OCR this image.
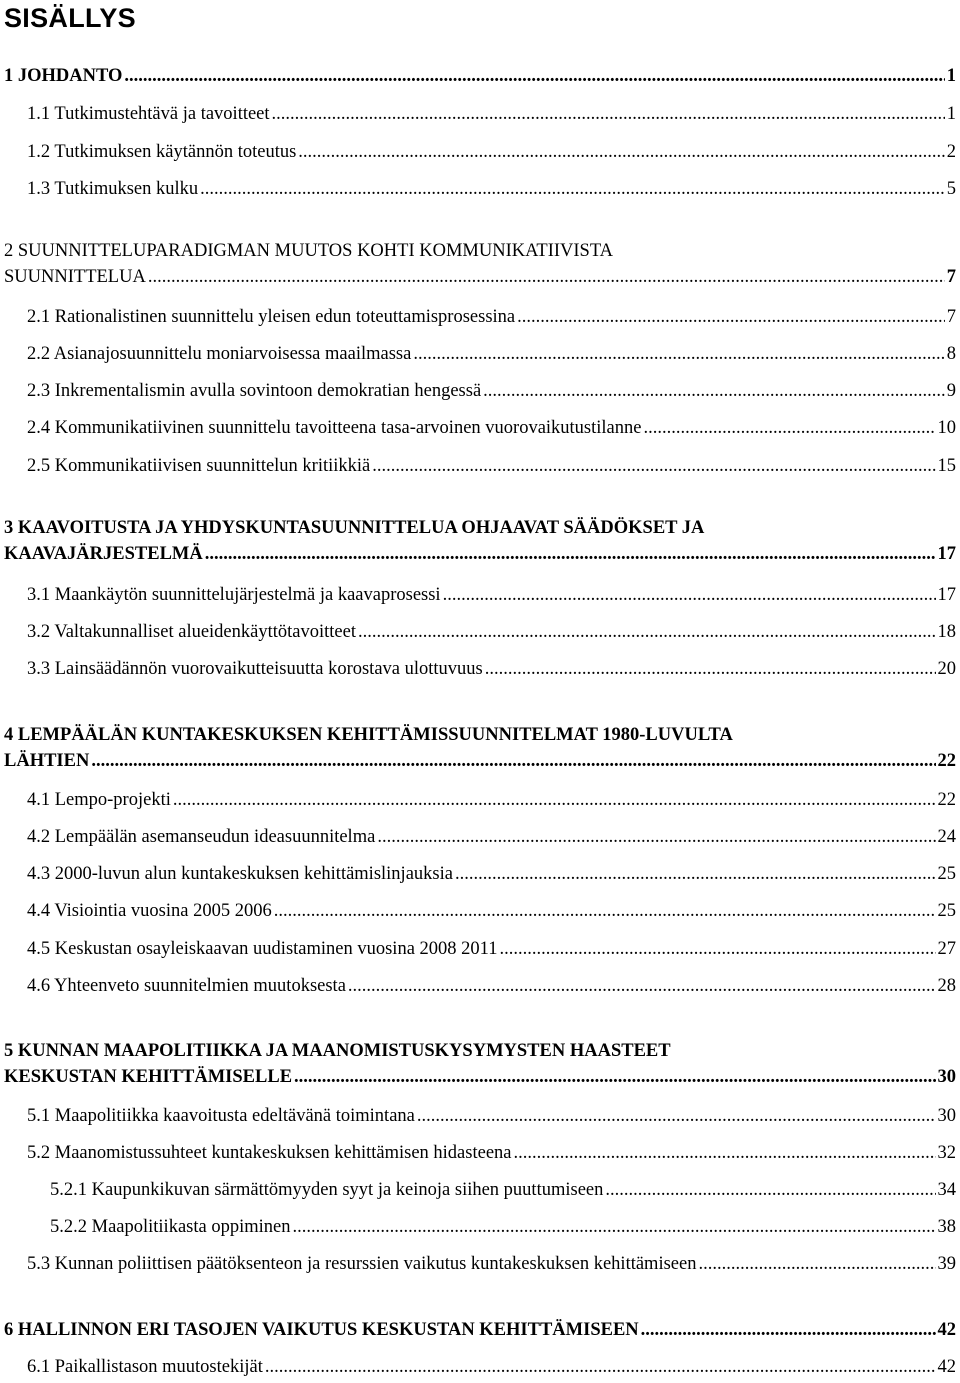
SISÄLLYS
1 JOHDANTO .....	1
1.1 Tutkimustehtävä ja tavoitteet .....	1
1.2 Tutkimuksen käytännön toteutus .....	2
1.3 Tutkimuksen kulku .....	5
2 SUUNNITTELUPARADIGMAN MUUTOS KOHTI KOMMUNIKATIIVISTA
SUUNNITTELUA .....	7
2.1 Rationalistinen suunnittelu yleisen edun toteuttamisprosessina .....	7
2.2 Asianajosuunnittelu moniarvoisessa maailmassa .....	8
2.3 Inkrementalismin avulla sovintoon demokratian hengessä .....	9
2.4 Kommunikatiivinen suunnittelu tavoitteena tasa-arvoinen vuorovaikutustilanne .....	10
2.5 Kommunikatiivisen suunnittelun kritiikkiä .....	15
3 KAAVOITUSTA JA YHDYSKUNTASUUNNITTELUA OHJAAVAT SÄÄDÖKSET JA
KAAVAJÄRJESTELMÄ .....	17
3.1 Maankäytön suunnittelujärjestelmä ja kaavaprosessi .....	17
3.2 Valtakunnalliset alueidenkäyttötavoitteet .....	18
3.3 Lainsäädännön vuorovaikutteisuutta korostava ulottuvuus .....	20
4 LEMPÄÄLÄN KUNTAKESKUKSEN KEHITTÄMISSUUNNITELMAT 1980-LUVULTA
LÄHTIEN .....	22
4.1 Lempo-projekti .....	22
4.2 Lempäälän asemanseudun ideasuunnitelma .....	24
4.3 2000-luvun alun kuntakeskuksen kehittämislinjauksia .....	25
4.4 Visiointia vuosina 2005 2006 .....	25
4.5 Keskustan osayleiskaavan uudistaminen vuosina 2008 2011 .....	27
4.6 Yhteenveto suunnitelmien muutoksesta .....	28
5 KUNNAN MAAPOLITIIKKA JA MAANOMISTUSKYSYMYSTEN HAASTEET
KESKUSTAN KEHITTÄMISELLE .....	30
5.1 Maapolitiikka kaavoitusta edeltävänä toimintana .....	30
5.2 Maanomistussuhteet kuntakeskuksen kehittämisen hidasteena .....	32
5.2.1 Kaupunkikuvan särmättömyyden syyt ja keinoja siihen puuttumiseen .....	34
5.2.2 Maapolitiikasta oppiminen .....	38
5.3 Kunnan poliittisen päätöksenteon ja resurssien vaikutus kuntakeskuksen kehittämiseen .....	39
6 HALLINNON ERI TASOJEN VAIKUTUS KESKUSTAN KEHITTÄMISEEN .....	42
6.1 Paikallistason muutostekijät .....	42
